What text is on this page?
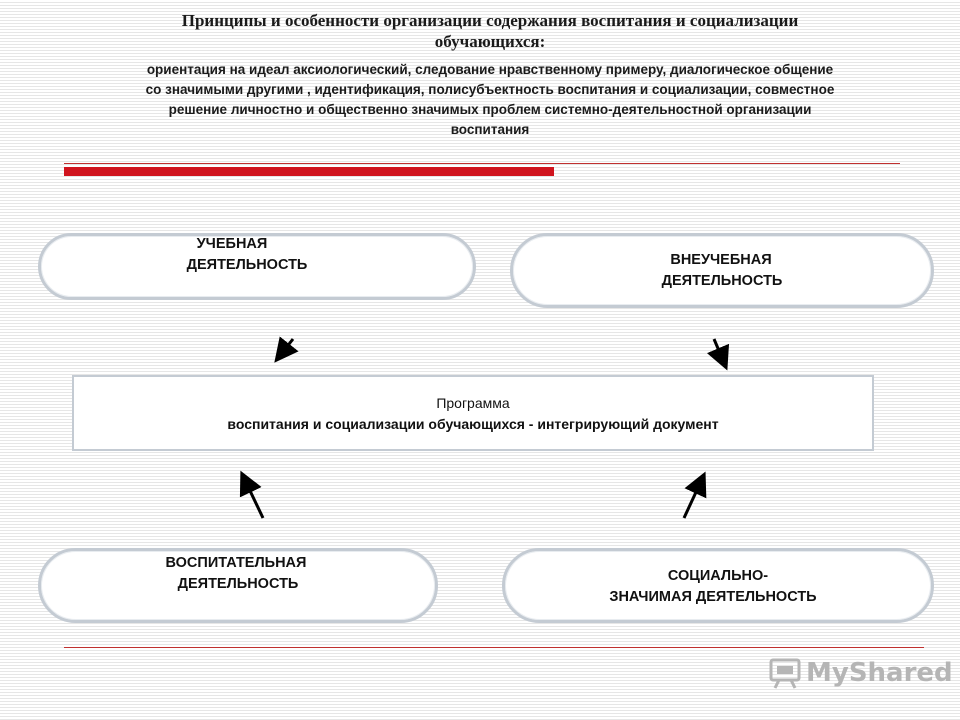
Принципы и особенности организации содержания воспитания и социализации
обучающихся:
ориентация на идеал аксиологический, следование нравственному примеру, диалогическое общение
со значимыми другими , идентификация, полисубъектность воспитания и социализации, совместное
решение личностно и общественно значимых проблем системно-деятельностной организации
воспитания
УЧЕБНАЯ
ДЕЯТЕЛЬНОСТЬ	ВНЕУЧЕБНАЯ
ДЕЯТЕЛЬНОСТЬ
Программа
воспитания и социализации обучающихся - интегрирующий документ
ВОСПИТАТЕЛЬНАЯ
ДЕЯТЕЛЬНОСТЬ	СОЦИАЛЬНО-
ЗНАЧИМАЯ ДЕЯТЕЛЬНОСТЬ
MyShared
